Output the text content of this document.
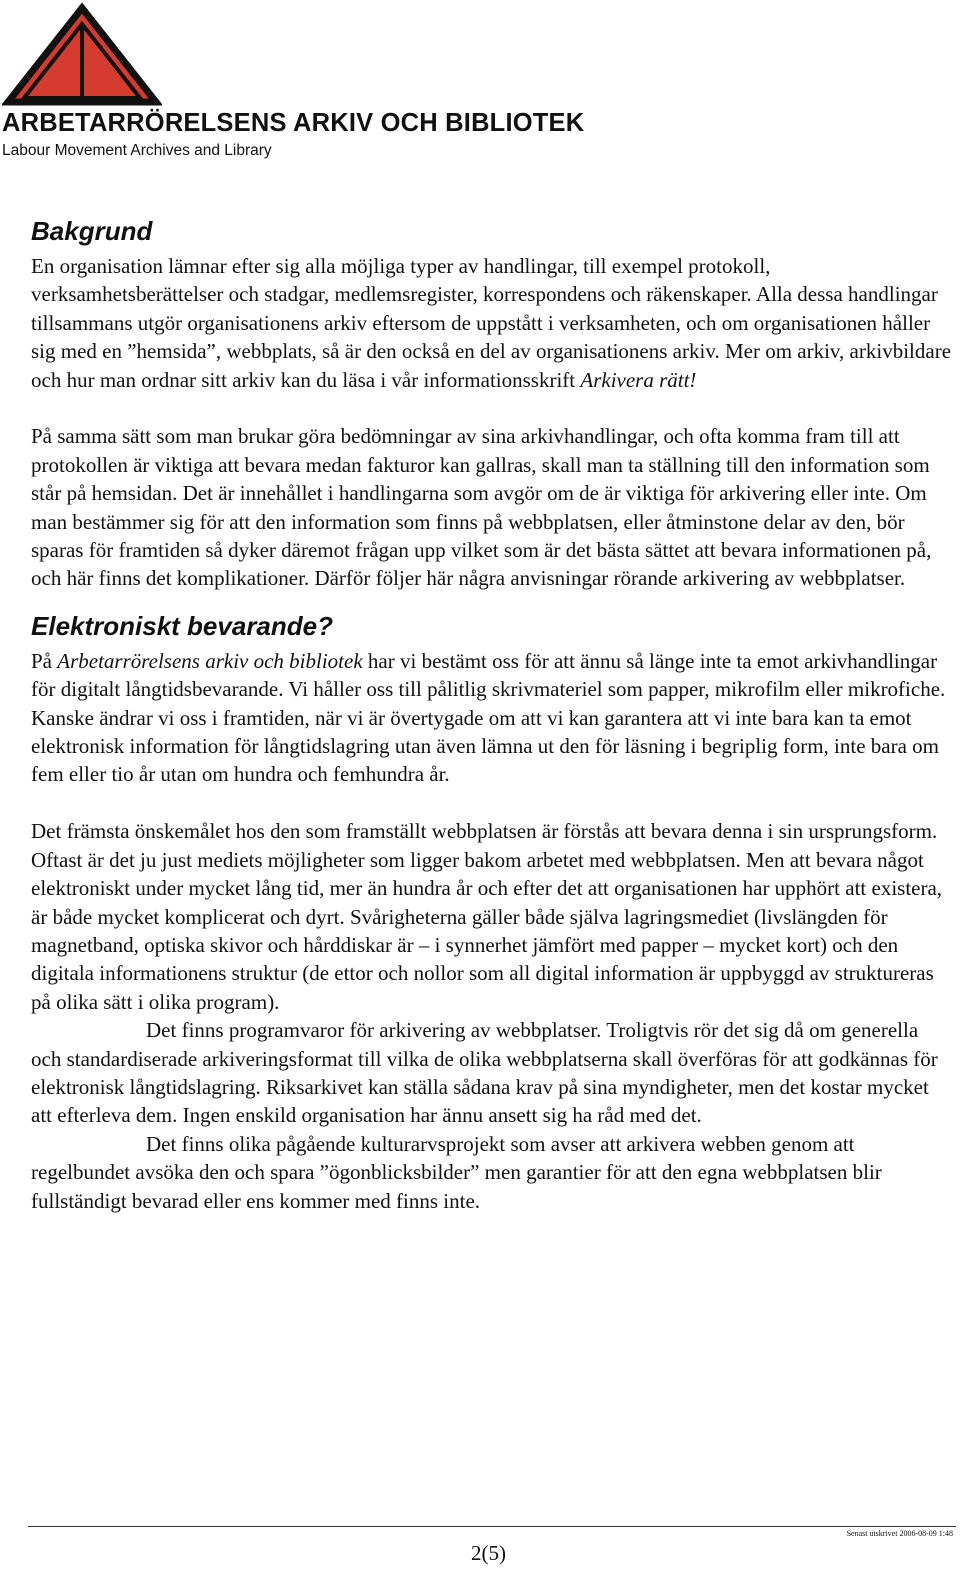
ARBETARRÖRELSENS ARKIV OCH BIBLIOTEK
Labour Movement Archives and Library
Bakgrund

En organisation lämnar efter sig alla möjliga typer av handlingar, till exempel protokoll, verksamhetsberättelser och stadgar, medlemsregister, korrespondens och räkenskaper. Alla dessa handlingar tillsammans utgör organisationens arkiv eftersom de uppstått i verksamheten, och om organisationen håller sig med en ”hemsida”, webbplats, så är den också en del av organisationens arkiv. Mer om arkiv, arkivbildare och hur man ordnar sitt arkiv kan du läsa i vår informationsskrift Arkivera rätt!

På samma sätt som man brukar göra bedömningar av sina arkivhandlingar, och ofta komma fram till att protokollen är viktiga att bevara medan fakturor kan gallras, skall man ta ställning till den information som står på hemsidan. Det är innehållet i handlingarna som avgör om de är viktiga för arkivering eller inte. Om man bestämmer sig för att den information som finns på webbplatsen, eller åtminstone delar av den, bör sparas för framtiden så dyker däremot frågan upp vilket som är det bästa sättet att bevara informationen på, och här finns det komplikationer. Därför följer här några anvisningar rörande arkivering av webbplatser.

Elektroniskt bevarande?

På Arbetarrörelsens arkiv och bibliotek har vi bestämt oss för att ännu så länge inte ta emot arkivhandlingar för digitalt långtidsbevarande. Vi håller oss till pålitlig skrivmateriel som papper, mikrofilm eller mikrofiche. Kanske ändrar vi oss i framtiden, när vi är övertygade om att vi kan garantera att vi inte bara kan ta emot elektronisk information för långtidslagring utan även lämna ut den för läsning i begriplig form, inte bara om fem eller tio år utan om hundra och femhundra år.

Det främsta önskemålet hos den som framställt webbplatsen är förstås att bevara denna i sin ursprungsform. Oftast är det ju just mediets möjligheter som ligger bakom arbetet med webbplatsen. Men att bevara något elektroniskt under mycket lång tid, mer än hundra år och efter det att organisationen har upphört att existera, är både mycket komplicerat och dyrt. Svårigheterna gäller både själva lagringsmediet (livslängden för magnetband, optiska skivor och hårddiskar är – i synnerhet jämfört med papper – mycket kort) och den digitala informationens struktur (de ettor och nollor som all digital information är uppbyggd av struktureras på olika sätt i olika program).

Det finns programvaror för arkivering av webbplatser. Troligtvis rör det sig då om generella och standardiserade arkiveringsformat till vilka de olika webbplatserna skall överföras för att godkännas för elektronisk långtidslagring. Riksarkivet kan ställa sådana krav på sina myndigheter, men det kostar mycket att efterleva dem. Ingen enskild organisation har ännu ansett sig ha råd med det.

Det finns olika pågående kulturarvsprojekt som avser att arkivera webben genom att regelbundet avsöka den och spara ”ögonblicksbilder” men garantier för att den egna webbplatsen blir fullständigt bevarad eller ens kommer med finns inte.

Senast utskrivet 2006-08-09 1:48
2(5)
